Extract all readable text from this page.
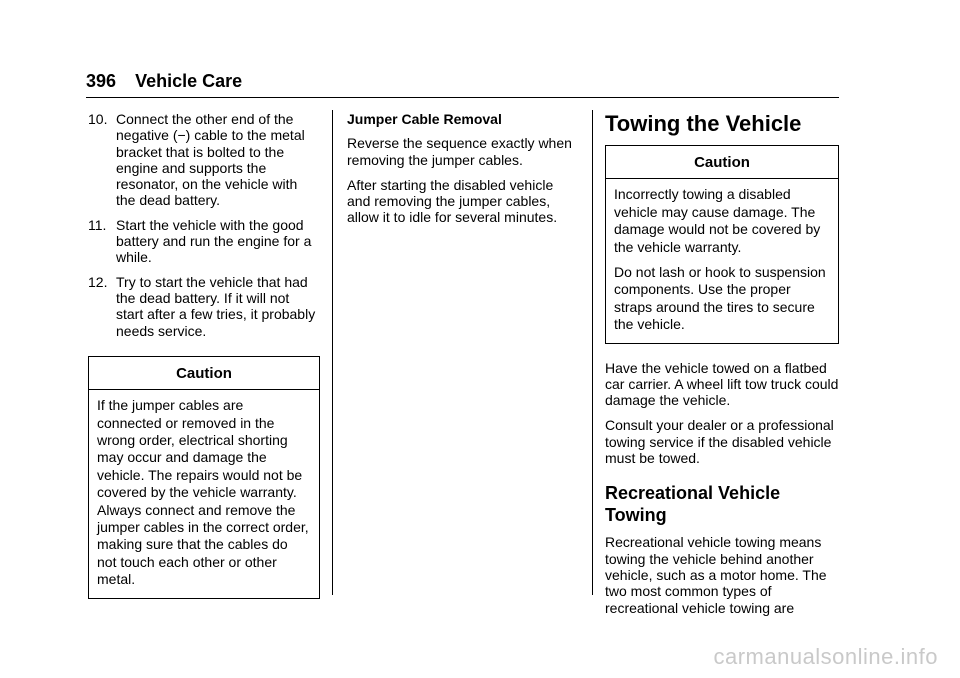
396 Vehicle Care
10. Connect the other end of the negative (−) cable to the metal bracket that is bolted to the engine and supports the resonator, on the vehicle with the dead battery.
11. Start the vehicle with the good battery and run the engine for a while.
12. Try to start the vehicle that had the dead battery. If it will not start after a few tries, it probably needs service.
Caution

If the jumper cables are connected or removed in the wrong order, electrical shorting may occur and damage the vehicle. The repairs would not be covered by the vehicle warranty. Always connect and remove the jumper cables in the correct order, making sure that the cables do not touch each other or other metal.

Jumper Cable Removal

Reverse the sequence exactly when removing the jumper cables.

After starting the disabled vehicle and removing the jumper cables, allow it to idle for several minutes.

Towing the Vehicle
Caution

Incorrectly towing a disabled vehicle may cause damage. The damage would not be covered by the vehicle warranty.

Do not lash or hook to suspension components. Use the proper straps around the tires to secure the vehicle.

Have the vehicle towed on a flatbed car carrier. A wheel lift tow truck could damage the vehicle.

Consult your dealer or a professional towing service if the disabled vehicle must be towed.

Recreational Vehicle Towing

Recreational vehicle towing means towing the vehicle behind another vehicle, such as a motor home. The two most common types of recreational vehicle towing are

carmanualsonline.info
